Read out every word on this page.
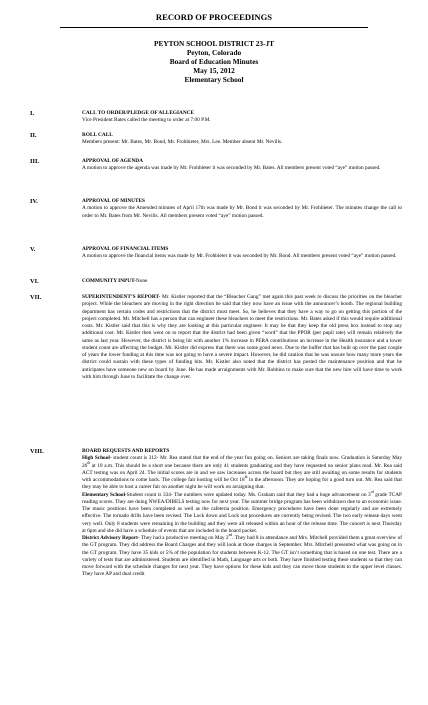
RECORD OF PROCEEDINGS
PEYTON SCHOOL DISTRICT 23-JT
Peyton, Colorado
Board of Education Minutes
May 15, 2012
Elementary School
I.	CALL TO ORDER/PLEDGE OF ALLEGIANCE
Vice President Bates called the meeting to order at 7:00 P.M.
II.	ROLL CALL
Members present: Mr. Bates, Mr. Bond, Mr. Frohbieter, Mrs. Lee. Member absent Mr. Nevills.
III.	APPROVAL OF AGENDA
A motion to approve the agenda was made by Mr. Frohbieter it was seconded by Mr. Bates. All members present voted “aye” motion passed.
IV.	APPROVAL OF MINUTES
A motion to approve the Amended minutes of April 17th was made by Mr. Bond it was seconded by Mr. Frohbieter. The minutes change the call to order to Mr. Bates from Mr. Nevills. All members present voted “aye” motion passed.
V.	APPROVAL OF FINANCIAL ITEMS
A motion to approve the financial items was made by Mr. Frohbieter it was seconded by Mr. Bond. All members present voted “aye” motion passed.
VI.	COMMUNITY INPUT-None
VII.	SUPERINTENDENT’S REPORT- Mr. Kistler reported that the “Bleacher Gang” met again this past week to discuss the priorities on the bleacher project. While the bleachers are moving in the right direction he said that they now have an issue with the announcer’s booth. The regional building department has certain codes and restrictions that the district must meet. So, he believes that they have a way to go on getting this portion of the project completed. Mr. Mitchell has a person that can engineer these bleachers to meet the restrictions. Mr. Bates asked if this would require additional costs. Mr. Kistler said that this is why they are looking at this particular engineer. It may be that they keep the old press box instead to stop any additional cost. Mr. Kistler then went on to report that the district had been given “word” that the PPOR (per pupil rate) will remain relatively the same as last year. However, the district is being hit with another 1% increase in PERA contributions an increase in the Health insurance and a lower student count are affecting the budget. Mr. Kistler did express that there was some good news. Due to the buffer that has built up over the past couple of years the lower funding at this time was not going to have a severe impact. However, he did caution that he was unsure how many more years the district could sustain with these types of funding hits. Mr. Kistler also noted that the district has posted the maintenance position and that he anticipates have someone new on board by June. He has made arraignments with Mr. Robbins to make sure that the new hire will have time to work with him through June to facilitate the change over.
VIII.	BOARD REQUESTS AND REPORTS
High School- student count is 312- Mr. Rea stated that the end of the year fun going on. Seniors are taking finals now. Graduation is Saturday May 26th at 10 a.m. This should be a short one because there are only 41 students graduating and they have requested no senior plans read. Mr. Rea said ACT testing was on April 24. The initial scores are in and we saw increases across the board but they are still awaiting on some results for students with accommodations to come back. The college fair hosting will be Oct 18th in the afternoon. They are hoping for a good turn out. Mr. Rea said that they may be able to host a career fair on another night he will work on arraigning that.
Elementary School-Student count is 334- The numbers were updated today. Ms. Graham said that they had a huge advancement on 3rd grade TCAP reading scores. They are doing NWEA/DIBELS testing now for next year. The summer bridge program has been withdrawn due to an economic issue. The music positions have been completed as well as the cafeteria position. Emergency procedures have been done regularly and are extremely effective. The tornado drills have been revised. The Lock down and Lock out procedures are currently being revised. The two early release days went very well. Only 8 students were remaining in the building and they were all released within an hour of the release time. The concert is next Thursday at 6pm and she did have a schedule of events that are included in the board packet.
District Advisory Report- They had a productive meeting on May 2nd. They had 8 in attendance and Mrs. Mitchell provided them a great overview of the GT program. They did address the Board Charges and they will look at those charges in September. Mrs. Mitchell presented what was going on in the GT program. They have 35 kids or 5% of the population for students between K-12. The GT isn’t something that is based on one test. There are a variety of tests that are administered. Students are identified in Math, Language arts or both. They have finished testing these students so that they can move forward with the schedule changes for next year. They have options for these kids and they can move those students to the upper level classes. They have AP and dual credit
